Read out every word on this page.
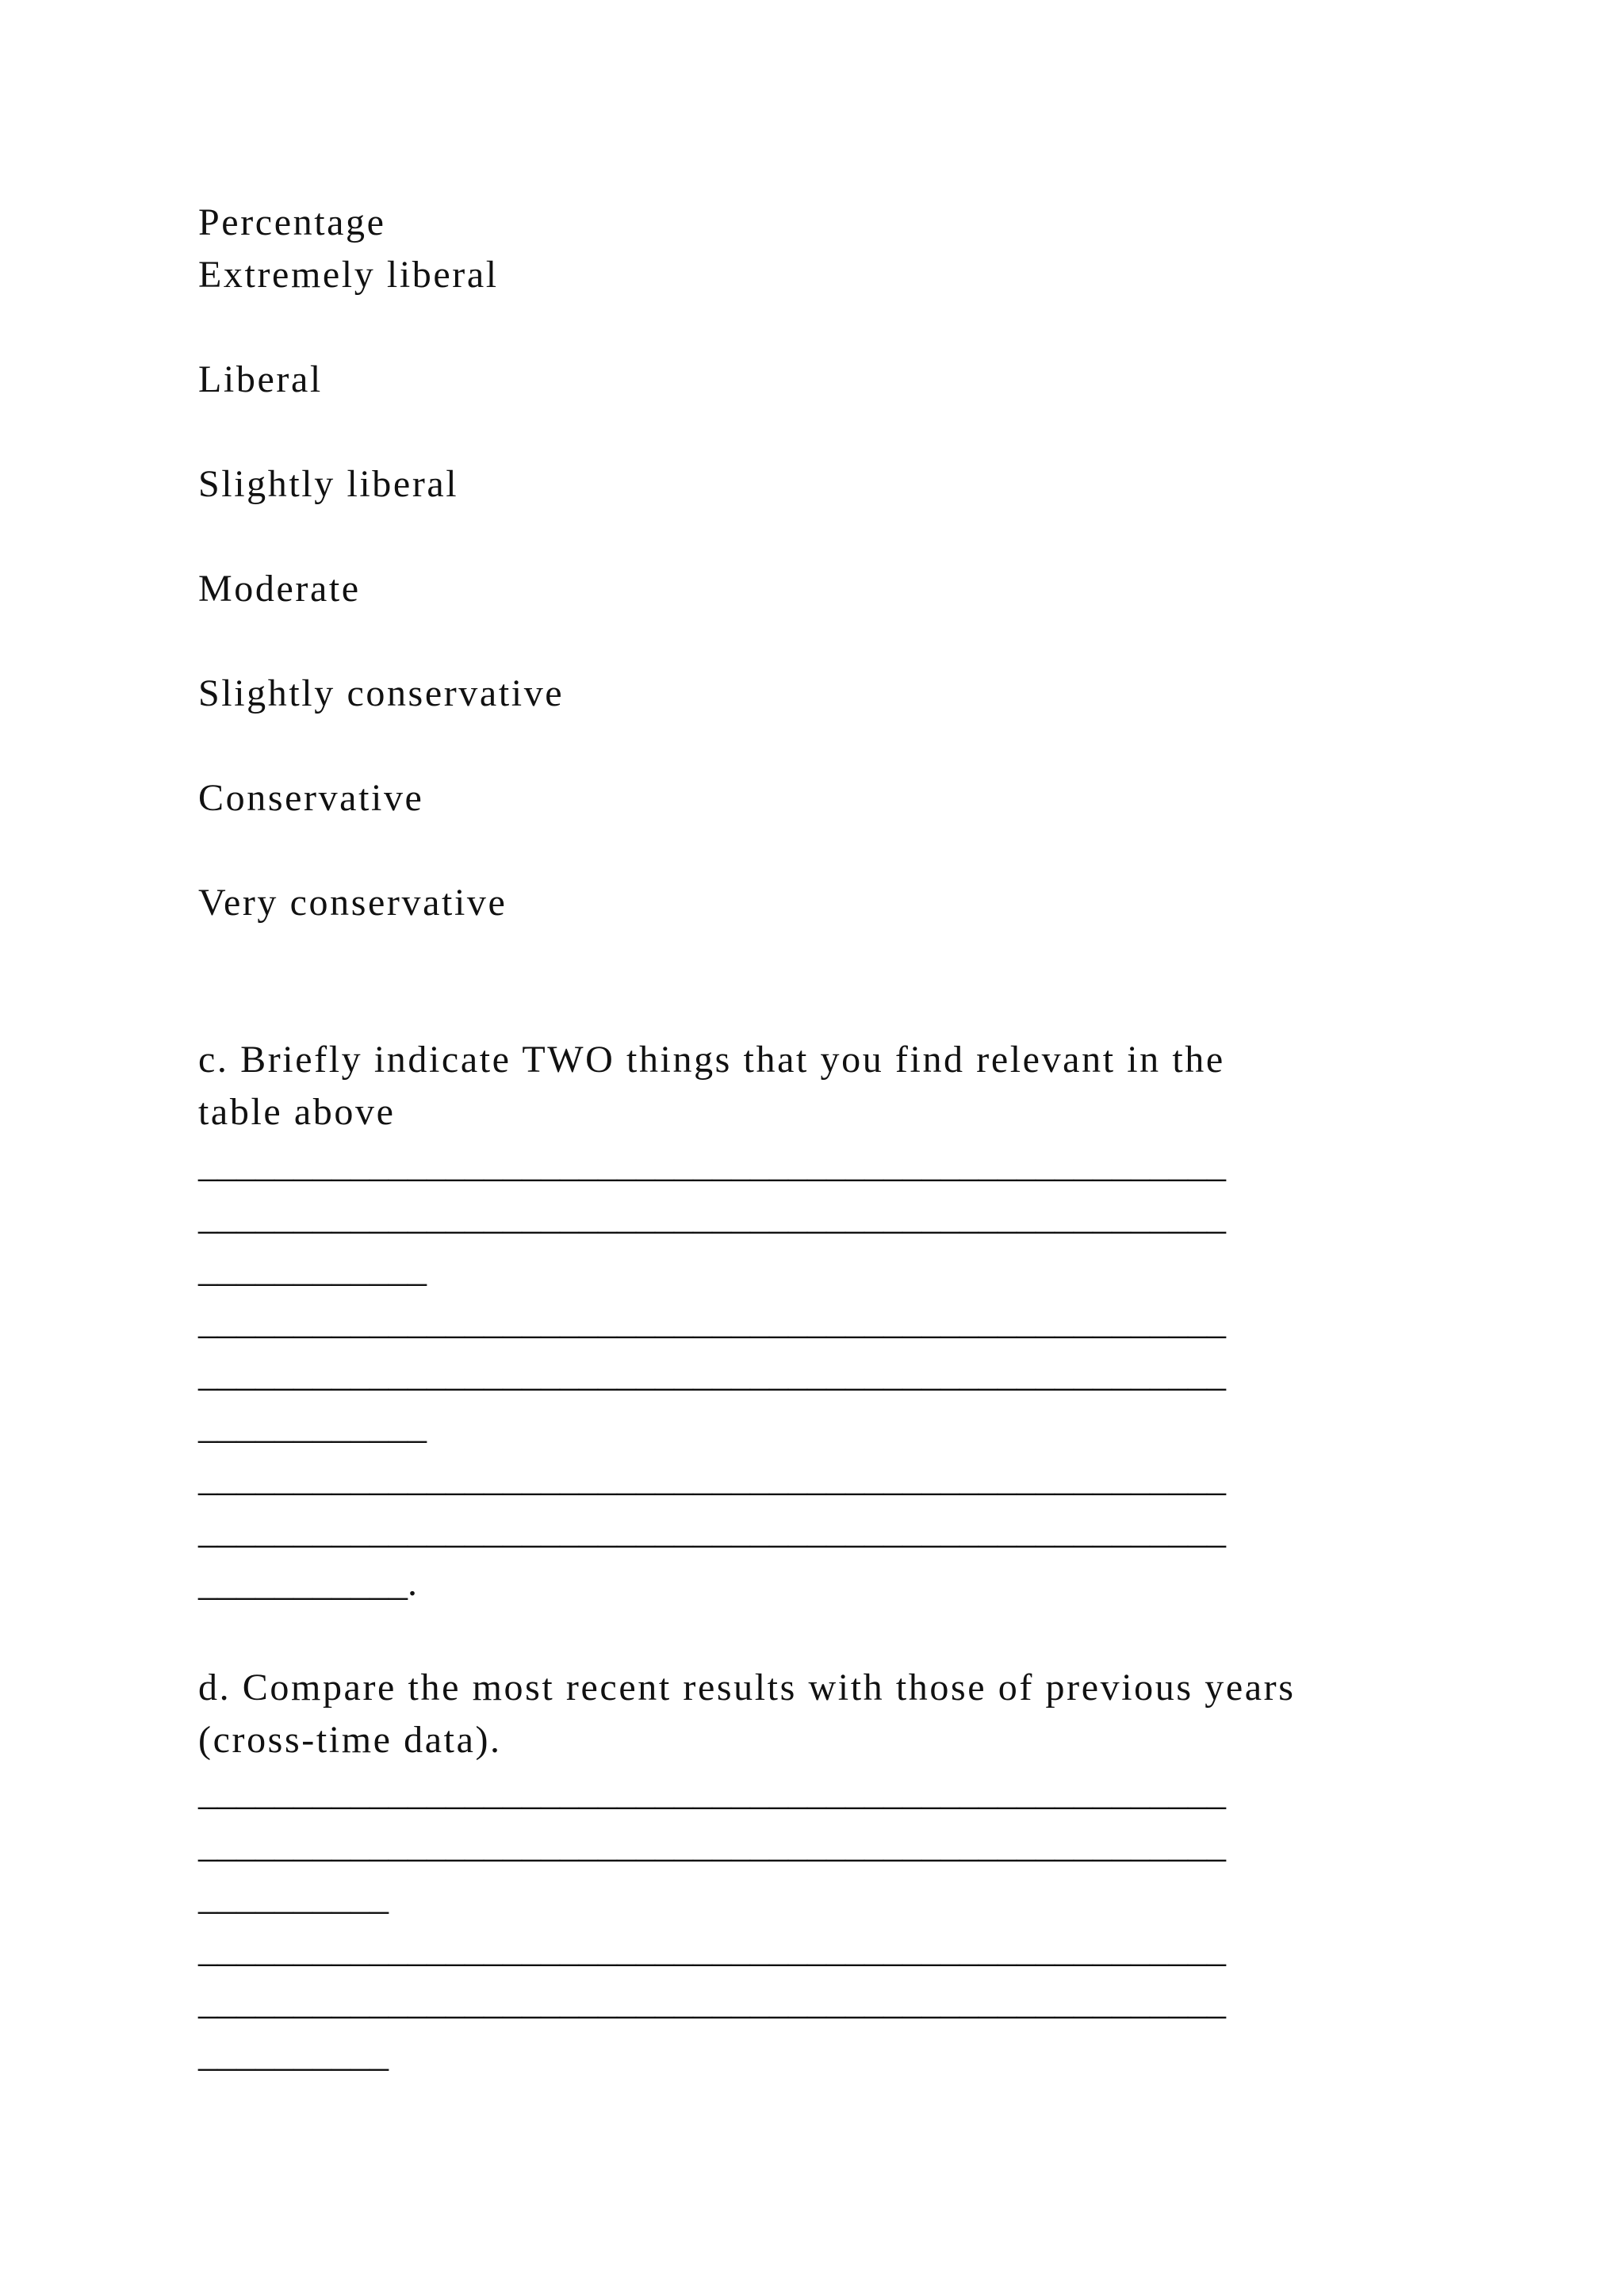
Percentage

Extremely liberal

Liberal

Slightly liberal

Moderate

Slightly conservative

Conservative

Very conservative

c. Briefly indicate TWO things that you find relevant in the

table above

______________________________________________________

______________________________________________________

____________

______________________________________________________

______________________________________________________

____________

______________________________________________________

______________________________________________________

___________.

d. Compare the most recent results with those of previous years

(cross-time data).

______________________________________________________

______________________________________________________

__________

______________________________________________________

______________________________________________________

__________
